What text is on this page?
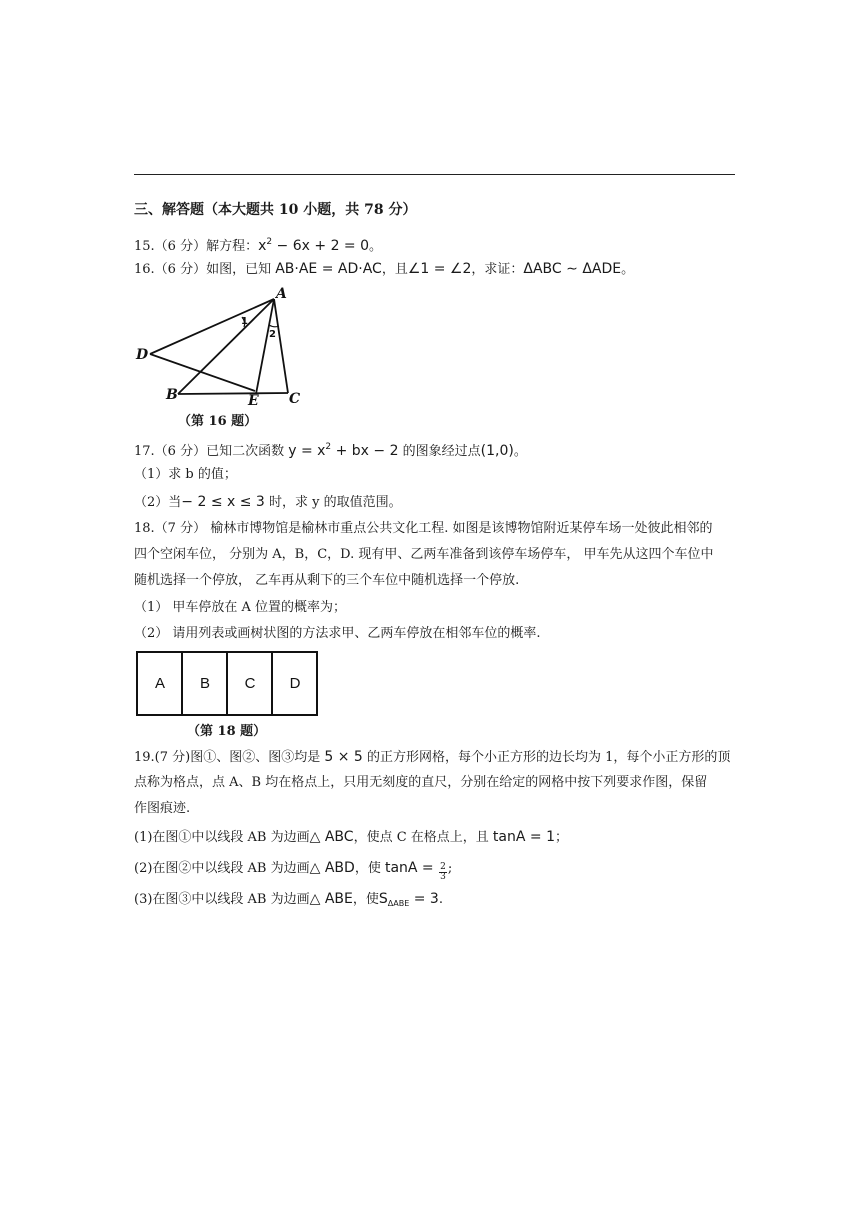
三、解答题（本大题共 10 小题，共 78 分）
15.（6 分）解方程：$x^2 - 6x + 2 = 0$。
16.（6 分）如图，已知 AB·AE = AD·AC，且∠1 = ∠2，求证：ΔABC ∼ ΔADE。
A
D
B	E C
1
2
（第 16 题）
17.（6 分）已知二次函数 $y = x^2$ + bx − 2 的图象经过点(1,0)。
（1）求 b 的值；
（2）当− 2 ≤ x ≤ 3 时，求 y 的取值范围。
18.（7 分） 榆林市博物馆是榆林市重点公共文化工程. 如图是该博物馆附近某停车场一处彼此相邻的
四个空闲车位， 分别为 A，B，C，D. 现有甲、乙两车准备到该停车场停车， 甲车先从这四个车位中
随机选择一个停放， 乙车再从剩下的三个车位中随机选择一个停放.
（1） 甲车停放在 A 位置的概率为；
（2） 请用列表或画树状图的方法求甲、乙两车停放在相邻车位的概率.
A B C D
（第 18 题）
19.(7 分)图①、图②、图③均是 5 × 5 的正方形网格，每个小正方形的边长均为 1，每个小正方形的顶
点称为格点，点 A、B 均在格点上，只用无刻度的直尺，分别在给定的网格中按下列要求作图，保留
作图痕迹.
(1)在图①中以线段 AB 为边画△ ABC，使点 C 在格点上，且 tanA = 1；
(2)在图②中以线段 AB 为边画△ ABD，使 $\tan A = \frac{2}{3}$ ;
(3)在图③中以线段 AB 为边画△ ABE，使$S_{\Delta ABE} = 3$.
